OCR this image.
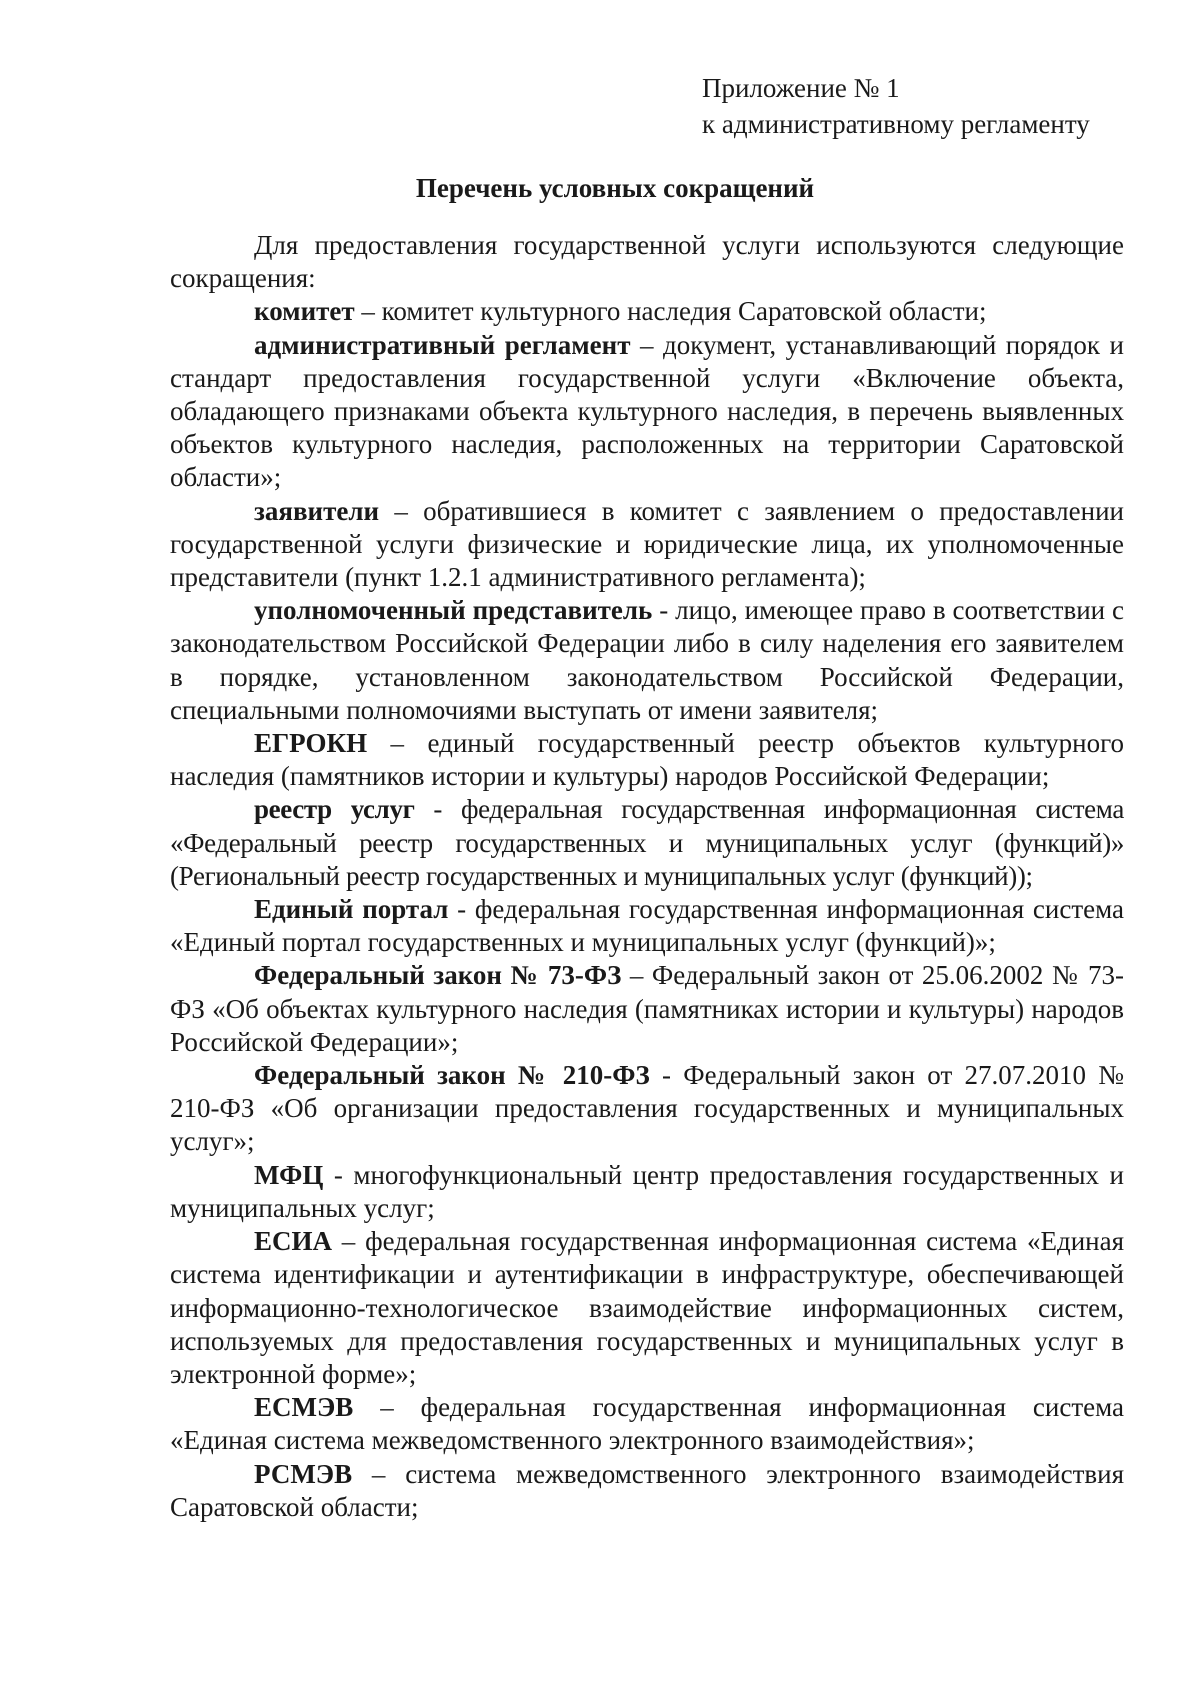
Приложение № 1
к административному регламенту
Перечень условных сокращений

Для предоставления государственной услуги используются следующие сокращения:

комитет – комитет культурного наследия Саратовской области;

административный регламент – документ, устанавливающий порядок и стандарт предоставления государственной услуги «Включение объекта, обладающего признаками объекта культурного наследия, в перечень выявленных объектов культурного наследия, расположенных на территории Саратовской области»;

заявители – обратившиеся в комитет с заявлением о предоставлении государственной услуги физические и юридические лица, их уполномоченные представители (пункт 1.2.1 административного регламента);

уполномоченный представитель - лицо, имеющее право в соответствии с законодательством Российской Федерации либо в силу наделения его заявителем в порядке, установленном законодательством Российской Федерации, специальными полномочиями выступать от имени заявителя;

ЕГРОКН – единый государственный реестр объектов культурного наследия (памятников истории и культуры) народов Российской Федерации;

реестр услуг - федеральная государственная информационная система «Федеральный реестр государственных и муниципальных услуг (функций)» (Региональный реестр государственных и муниципальных услуг (функций));

Единый портал - федеральная государственная информационная система «Единый портал государственных и муниципальных услуг (функций)»;

Федеральный закон № 73-ФЗ – Федеральный закон от 25.06.2002 № 73-ФЗ «Об объектах культурного наследия (памятниках истории и культуры) народов Российской Федерации»;

Федеральный закон № 210-ФЗ - Федеральный закон от 27.07.2010 № 210-ФЗ «Об организации предоставления государственных и муниципальных услуг»;

МФЦ - многофункциональный центр предоставления государственных и муниципальных услуг;

ЕСИА – федеральная государственная информационная система «Единая система идентификации и аутентификации в инфраструктуре, обеспечивающей информационно-технологическое взаимодействие информационных систем, используемых для предоставления государственных и муниципальных услуг в электронной форме»;

ЕСМЭВ – федеральная государственная информационная система «Единая система межведомственного электронного взаимодействия»;

РСМЭВ – система межведомственного электронного взаимодействия Саратовской области;
